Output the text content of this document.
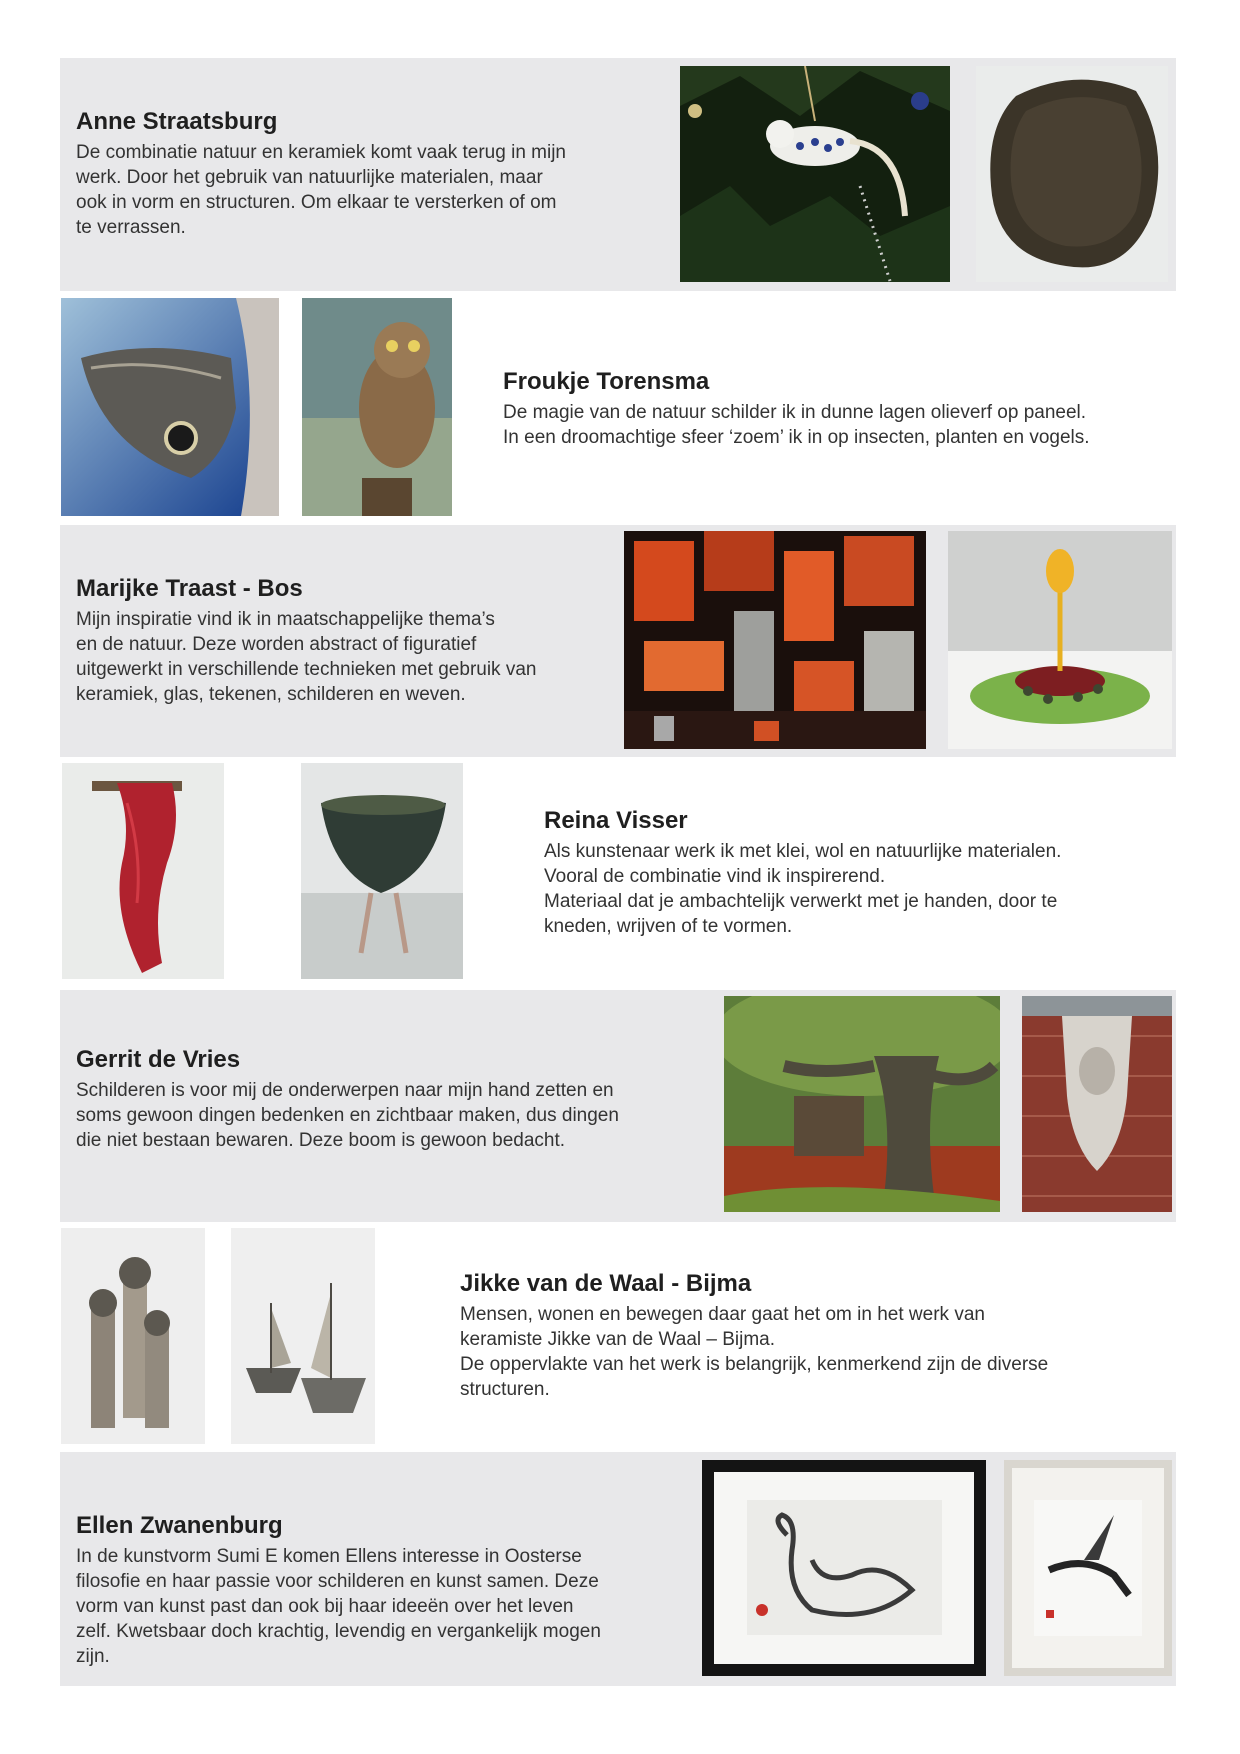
Anne Straatsburg

De combinatie natuur en keramiek komt vaak terug in mijn
werk. Door het gebruik van natuurlijke materialen, maar
ook in vorm en structuren. Om elkaar te versterken of om
te verrassen.

Froukje Torensma

De magie van de natuur schilder ik in dunne lagen olieverf op paneel.
In een droomachtige sfeer ‘zoem’ ik in op insecten, planten en vogels.

Marijke Traast - Bos

Mijn inspiratie vind ik in maatschappelijke thema’s
en de natuur. Deze worden abstract of figuratief
uitgewerkt in verschillende technieken met gebruik van
keramiek, glas, tekenen, schilderen en weven.

Reina Visser

Als kunstenaar werk ik met klei, wol en natuurlijke materialen.
Vooral de combinatie vind ik inspirerend.
Materiaal dat je ambachtelijk verwerkt met je handen, door te
kneden, wrijven of te vormen.

Gerrit de Vries

Schilderen is voor mij de onderwerpen naar mijn hand zetten en
soms gewoon dingen bedenken en zichtbaar maken, dus dingen
die niet bestaan bewaren. Deze boom is gewoon bedacht.

Jikke van de Waal - Bijma

Mensen, wonen en bewegen daar gaat het om in het werk van
keramiste Jikke van de Waal – Bijma.
De oppervlakte van het werk is belangrijk, kenmerkend zijn de diverse
structuren.

Ellen Zwanenburg

In de kunstvorm Sumi E komen Ellens interesse in Oosterse
filosofie en haar passie voor schilderen en kunst samen. Deze
vorm van kunst past dan ook bij haar ideeën over het leven
zelf. Kwetsbaar doch krachtig, levendig en vergankelijk mogen
zijn.
